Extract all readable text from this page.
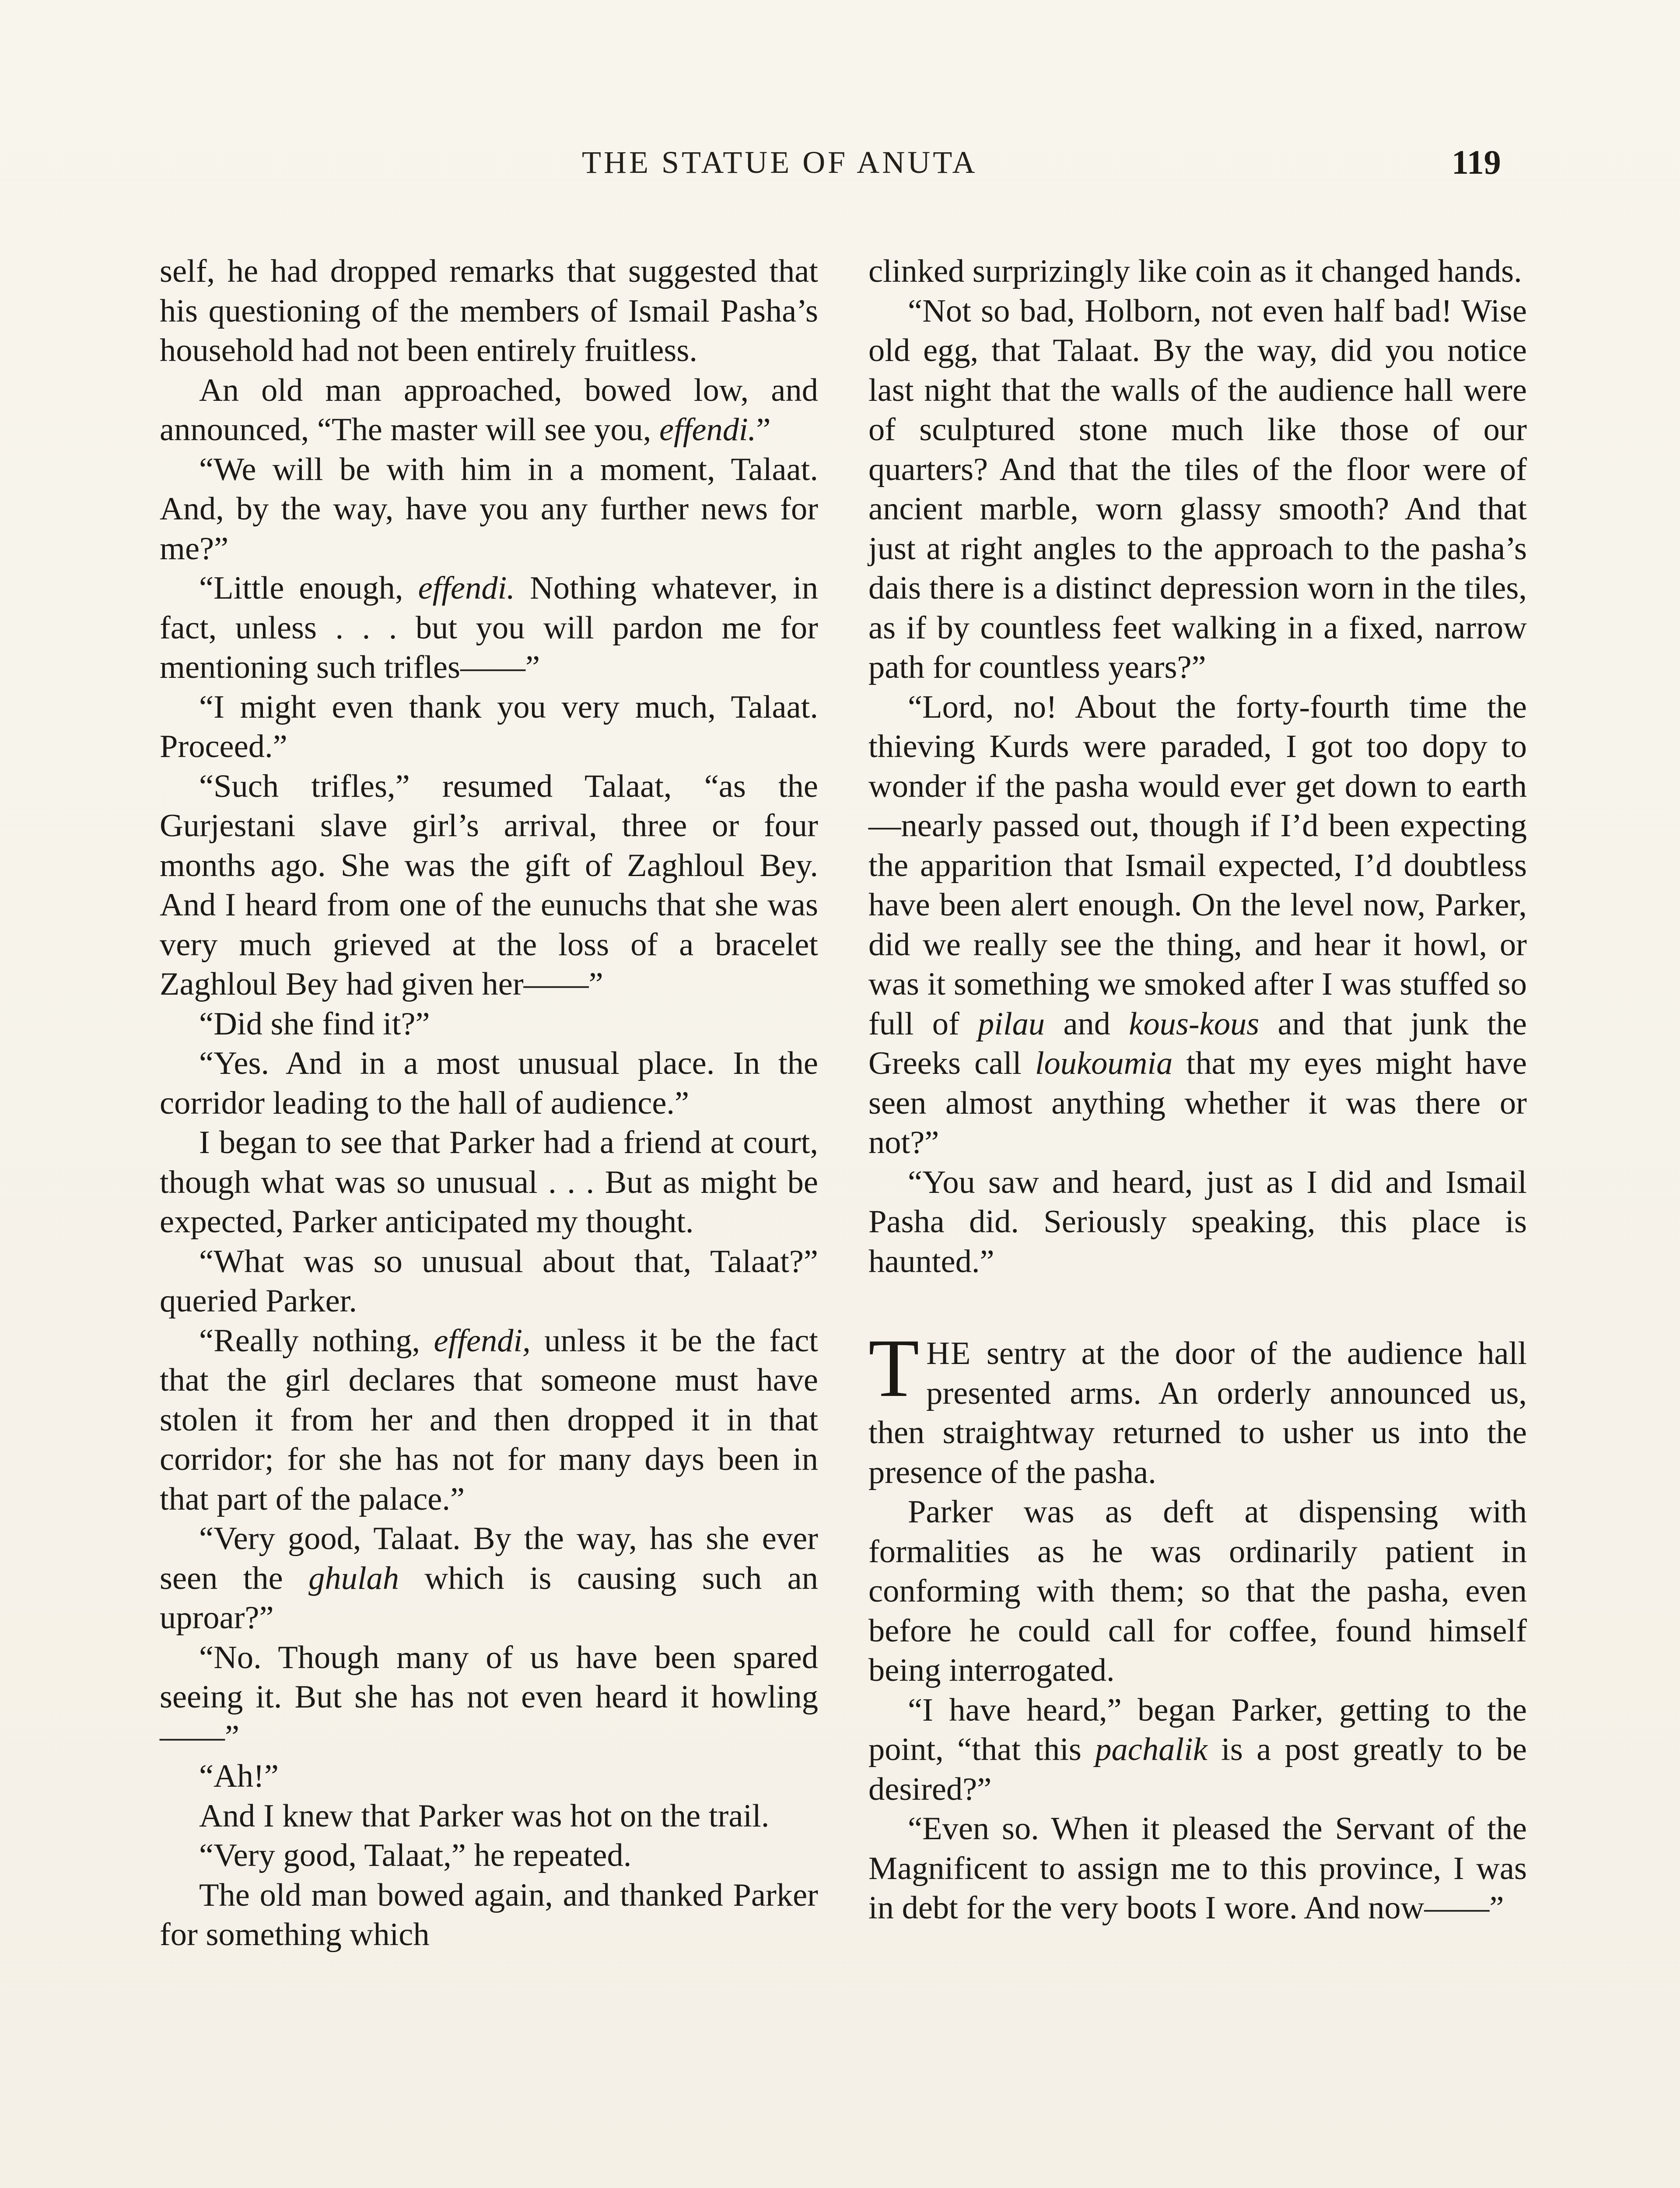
THE STATUE OF ANUTA	119

self, he had dropped remarks that suggested that his questioning of the members of Ismail Pasha’s household had not been entirely fruitless.

An old man approached, bowed low, and announced, “The master will see you, effendi.”

“We will be with him in a moment, Talaat. And, by the way, have you any further news for me?”

“Little enough, effendi. Nothing whatever, in fact, unless . . . but you will pardon me for mentioning such trifles——”

“I might even thank you very much, Talaat. Proceed.”

“Such trifles,” resumed Talaat, “as the Gurjestani slave girl’s arrival, three or four months ago. She was the gift of Zaghloul Bey. And I heard from one of the eunuchs that she was very much grieved at the loss of a bracelet Zaghloul Bey had given her——”

“Did she find it?”

“Yes. And in a most unusual place. In the corridor leading to the hall of audience.”

I began to see that Parker had a friend at court, though what was so unusual . . . But as might be expected, Parker anticipated my thought.

“What was so unusual about that, Talaat?” queried Parker.

“Really nothing, effendi, unless it be the fact that the girl declares that someone must have stolen it from her and then dropped it in that corridor; for she has not for many days been in that part of the palace.”

“Very good, Talaat. By the way, has she ever seen the ghulah which is causing such an uproar?”

“No. Though many of us have been spared seeing it. But she has not even heard it howling——”

“Ah!”

And I knew that Parker was hot on the trail.

“Very good, Talaat,” he repeated.

The old man bowed again, and thanked Parker for something which

clinked surprizingly like coin as it changed hands.

“Not so bad, Holborn, not even half bad! Wise old egg, that Talaat. By the way, did you notice last night that the walls of the audience hall were of sculptured stone much like those of our quarters? And that the tiles of the floor were of ancient marble, worn glassy smooth? And that just at right angles to the approach to the pasha’s dais there is a distinct depression worn in the tiles, as if by countless feet walking in a fixed, narrow path for countless years?”

“Lord, no! About the forty-fourth time the thieving Kurds were paraded, I got too dopy to wonder if the pasha would ever get down to earth —nearly passed out, though if I’d been expecting the apparition that Ismail expected, I’d doubtless have been alert enough. On the level now, Parker, did we really see the thing, and hear it howl, or was it something we smoked after I was stuffed so full of pilau and kous-kous and that junk the Greeks call loukoumia that my eyes might have seen almost anything whether it was there or not?”

“You saw and heard, just as I did and Ismail Pasha did. Seriously speaking, this place is haunted.”

THE sentry at the door of the audience hall presented arms. An orderly announced us, then straightway returned to usher us into the presence of the pasha.

Parker was as deft at dispensing with formalities as he was ordinarily patient in conforming with them; so that the pasha, even before he could call for coffee, found himself being interrogated.

“I have heard,” began Parker, getting to the point, “that this pachalik is a post greatly to be desired?”

“Even so. When it pleased the Servant of the Magnificent to assign me to this province, I was in debt for the very boots I wore. And now——”
